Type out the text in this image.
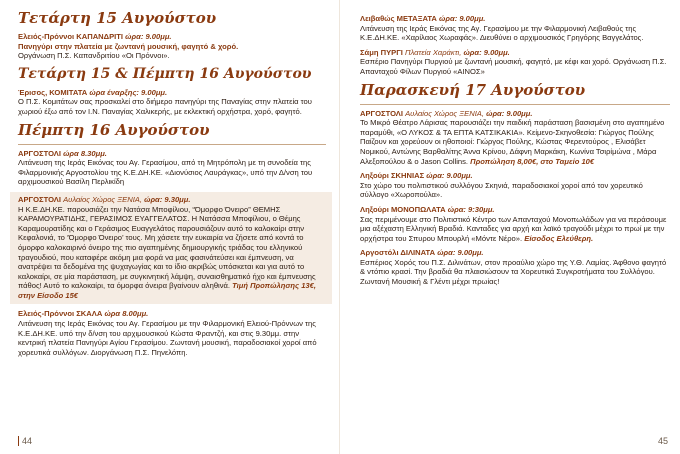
Τετάρτη 15 Αυγούστου
Ελειός-Πρόννοι ΚΑΠΑΝΔΡΙΤΙ ώρα: 9.00μμ.
Πανηγύρι στην πλατεία με ζωντανή μουσική, φαγητό & χορό.
Οργάνωση Π.Σ. Καπανδριτίου «Οι Πρόννοι».
Τετάρτη 15 & Πέμπτη 16 Αυγούστου
Έρισος, ΚΟΜΙΤΑΤΑ ώρα έναρξης: 9.00μμ.
Ο Π.Σ. Κομιτάτων σας προσκαλεί στο διήμερο πανηγύρι της Παναγίας στην πλατεία του χωριού έξω από τον Ι.Ν. Παναγίας Χαλικερής, με εκλεκτική ορχήστρα, χορό, φαγητό.
Πέμπτη 16 Αυγούστου
ΑΡΓΟΣΤΟΛΙ ώρα 8.30μμ.
Λιτάνευση της Ιεράς Εικόνας του Αγ. Γερασίμου, από τη Μητρόπολη με τη συνοδεία της Φιλαρμονικής Αργοστολίου της Κ.Ε.ΔΗ.ΚΕ. «Διονύσιος Λαυράγκας», υπό την Δ/νση του αρχιμουσικού Βασίλη Περλικίδη
ΑΡΓΟΣΤΟΛΙ Αυλαίος Χώρος ΞΕΝΙΑ, ώρα: 9.30μμ.
Η Κ.Ε.ΔΗ.ΚΕ. παρουσιάζει την Νατάσα Μποφίλιου, “Όμορφο Όνειρο” ΘΕΜΗΣ ΚΑΡΑΜΟΥΡΑΤΙΔΗΣ, ΓΕΡΑΣΙΜΟΣ ΕΥΑΓΓΕΛΑΤΟΣ. Η Νατάσσα Μποφίλιου, ο Θέμης Καραμουρατίδης και ο Γεράσιμος Ευαγγελάτος παρουσιάζουν αυτό το καλοκαίρι στην Κεφαλονιά, το ‘Όμορφο Όνειρο’ τους. Μη χάσετε την ευκαιρία να ζήσετε από κοντά το όμορφο καλοκαιρινό όνειρο της πιο αγαπημένης δημιουργικής τριάδας του ελληνικού τραγουδιού, που καταφέρε ακόμη μια φορά να μας φασινάτεύσει και έμπνευση, να ανατρέψει τα δεδομένα της ψυχαγωγίας και το ίδιο ακριβώς υπόσκεται και για αυτό το καλοκαίρι, σε μία παράσταση, με συγκινητική λάμψη, συναισθηματικό ήχο και έμπνευσης πάθος! Αυτό το καλοκαίρι, τα όμορφα όνειρα βγαίνουν αληθινά. Τιμή Προπώλησης 13€, στην Είσοδο 15€
Ελειός-Πρόννοι ΣΚΑΛΑ ώρα 8.00μμ.
Λιτάνευση της Ιεράς Εικόνας του Αγ. Γερασίμου με την Φιλαρμονική Ελειού-Πρόννων της Κ.Ε.ΔΗ.ΚΕ. υπό την δ/νση του αρχιμουσικού Κώστα Φραντζή, και στις 9.30μμ. στην κεντρική πλατεία Πανηγύρι Αγίου Γερασίμου. Ζωντανή μουσική, παραδοσιακοί χοροί από χορευτικά συλλόγων. Διοργάνωση Π.Σ. Πηνελόπη.
44
Λειβαθώς ΜΕΤΑΞΑΤΑ ώρα: 9.00μμ.
Λιτάνευση της Ιεράς Εικόνας της Αγ. Γερασίμου με την Φιλαρμονική Λειβαθούς της Κ.Ε.ΔΗ.ΚΕ. «Χαρίλαος Χωραφάς». Διευθύνει ο αρχιμουσικός Γρηγόρης Βαγγελάτος.
Σάμη ΠΥΡΓΙ Πλατεία Χαράκτι, ώρα: 9.00μμ.
Εσπέριο Πανηγύρι Πυργιού με ζωντανή μουσική, φαγητό, με κέφι και χορό. Οργάνωση Π.Σ. Απανταχού Φίλων Πυργιού «ΑΙΝΟΣ»
Παρασκευή 17 Αυγούστου
ΑΡΓΟΣΤΟΛΙ Αυλαίος Χώρος ΞΕΝΙΑ, ώρα: 9.00μμ.
Το Μικρό Θέατρο Λάρισας παρουσιάζει την παιδική παράσταση βασισμένη στο αγαπημένο παραμύθι, «Ο ΛΥΚΟΣ & ΤΑ ΕΠΤΑ ΚΑΤΣΙΚΑΚΙΑ». Κείμενο-Σκηνοθεσία: Γιώργος Πούλης Παίζουν και χορεύουν οι ηθοποιοί: Γιώργος Πούλης, Κώστας Φερεντούρος , Ελισάβετ Νομικού, Αντώνης Βαρθαλίτης Άννα Κρίνου, Δάφνη Μαρκάκη, Κωνίνα Τσιρίμώνα , Μάρα Αλεξοπούλου & ο Jason Collins. Προπώληση 8,00€, στο Ταμείο 10€
Ληξούρι ΣΚΗΝΙΑΣ ώρα: 9.00μμ.
Στο χώρο του πολιτιστικού συλλόγου Σκηνιά, παραδοσιακοί χοροί από τον χορευτικό σύλλογο «Χωροπούλα».
Ληξούρι ΜΟΝΟΠΩΛΑΤΑ ώρα: 9:30μμ.
Σας περιμένουμε στο Πολιτιστικό Κέντρο των Απανταχού Μονοπωλάδων για να περάσουμε μια αξέχαστη Ελληνική Βραδιά. Κανταδες για αρχή και λαϊκό τραγούδι μέχρι το πρωί με την ορχήστρα του Σπυρου Μπουρλή «Μόντε Νέρο». Είσοδος Ελεύθερη.
Αργοστόλι ΔΙΛΙΝΑΤΑ ώρα: 9.00μμ.
Εσπέριος Χορός του Π.Σ. Διλινάτων, στον προαύλιο χώρο της Υ.Θ. Λαμίας. Άφθονο φαγητό & ντόπιο κρασί. Την βραδιά θα πλαισιώσουν τα Χορευτικά Συγκροτήματα του Συλλόγου. Ζωντανή Μουσική & Γλέντι μέχρι πρωίας!
45
